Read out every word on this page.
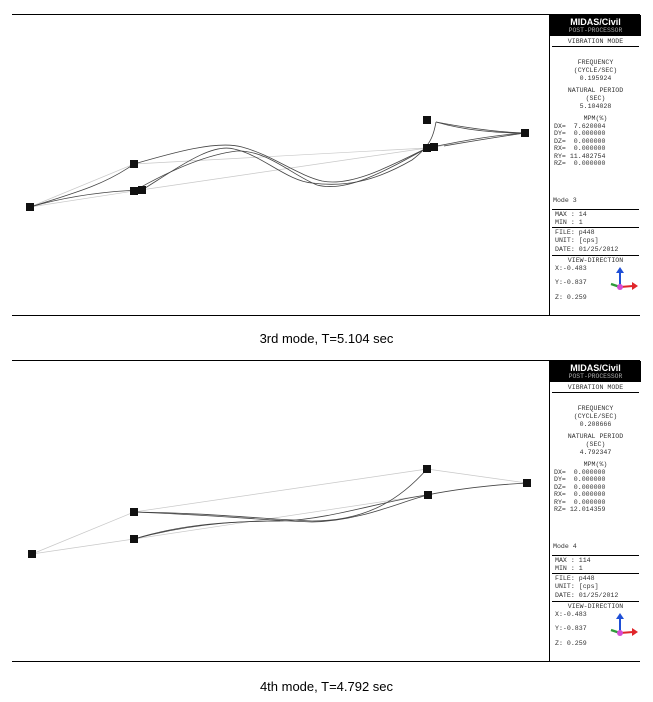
MIDAS/Civil
POST-PROCESSOR
VIBRATION MODE
FREQUENCY
(CYCLE/SEC)
0.195924
NATURAL PERIOD
(SEC)
5.104028
MPM(%)
DX= 7.620004
DY= 0.000000
DZ= 0.000000
RX= 0.000000
RY= 11.482754
RZ= 0.000000
Mode 3
MAX : 14
MIN : 1
FILE: p448
UNIT: [cps]
DATE: 01/25/2012
VIEW-DIRECTION
X:-0.483
Y:-0.837
Z: 0.259
3rd mode, T=5.104 sec
MIDAS/Civil
POST-PROCESSOR
VIBRATION MODE
FREQUENCY
(CYCLE/SEC)
0.208666
NATURAL PERIOD
(SEC)
4.792347
MPM(%)
DX= 0.000000
DY= 0.000000
DZ= 0.000000
RX= 0.000000
RY= 0.000000
RZ= 12.014359
Mode 4
MAX : 114
MIN : 1
FILE: p448
UNIT: [cps]
DATE: 01/25/2012
VIEW-DIRECTION
X:-0.483
Y:-0.837
Z: 0.259
4th mode, T=4.792 sec
